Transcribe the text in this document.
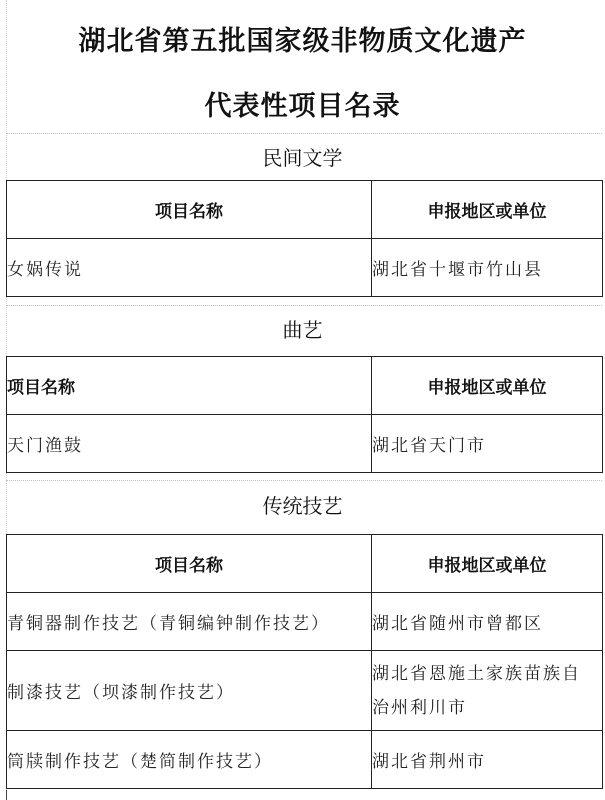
湖北省第五批国家级非物质文化遗产
代表性项目名录
民间文学
项目名称	申报地区或单位
女娲传说	湖北省十堰市竹山县
曲艺
项目名称	申报地区或单位
天门渔鼓	湖北省天门市
传统技艺
项目名称	申报地区或单位
青铜器制作技艺（青铜编钟制作技艺）	湖北省随州市曾都区
制漆技艺（坝漆制作技艺）	湖北省恩施土家族苗族自
治州利川市

筒牍制作技艺（楚简制作技艺）	湖北省荆州市
